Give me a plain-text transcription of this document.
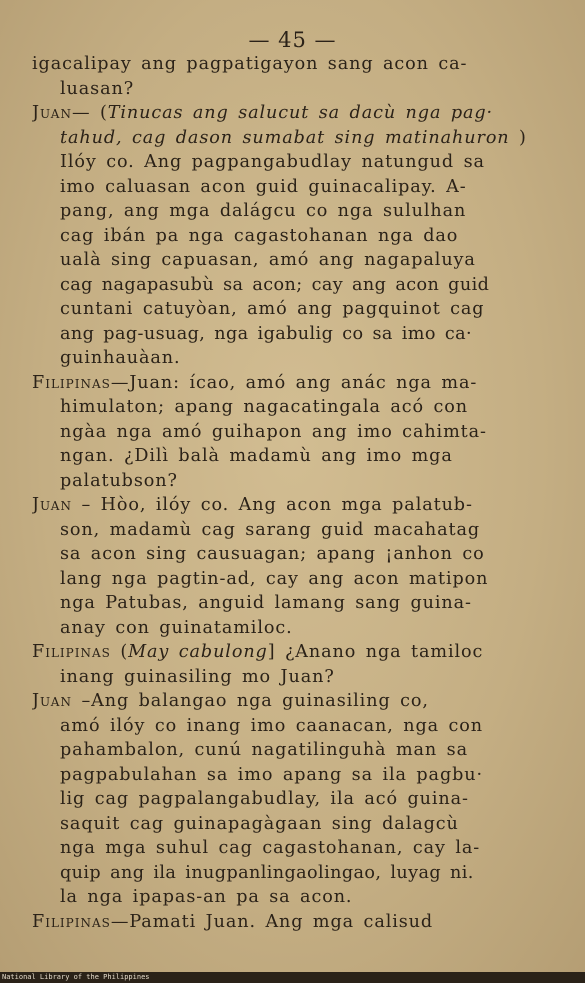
— 45 —
igacalipay ang pagpatigayon sang acon ca-
luasan?
Juan— (Tinucas ang salucut sa dacù nga pag·
tahud, cag dason sumabat sing matinahuron )
Ilóy co. Ang pagpangabudlay natungud sa
imo caluasan acon guid guinacalipay. A-
pang, ang mga dalágcu co nga sululhan
cag ibán pa nga cagastohanan nga dao
ualà sing capuasan, amó ang nagapaluya
cag nagapasubù sa acon; cay ang acon guid
cuntani catuyòan, amó ang pagquinot cag
ang pag-usuag, nga igabulig co sa imo ca·
guinhauàan.
Filipinas—Juan: ícao, amó ang anác nga ma-
himulaton; apang nagacatingala acó con
ngàa nga amó guihapon ang imo cahimta-
ngan. ¿Dilì balà madamù ang imo mga
palatubson?
Juan – Hòo, ilóy co. Ang acon mga palatub-
son, madamù cag sarang guid macahatag
sa acon sing causuagan; apang ¡anhon co
lang nga pagtin-ad, cay ang acon matipon
nga Patubas, anguid lamang sang guina-
anay con guinatamiloc.
Filipinas (May cabulong] ¿Anano nga tamiloc
inang guinasiling mo Juan?
Juan –Ang balangao nga guinasiling co,
amó ilóy co inang imo caanacan, nga con
pahambalon, cunú nagatilinguhà man sa
pagpabulahan sa imo apang sa ila pagbu·
lig cag pagpalangabudlay, ila acó guina-
saquit cag guinapagàgaan sing dalagcù
nga mga suhul cag cagastohanan, cay la-
quip ang ila inugpanlingaolingao, luyag ni.
la nga ipapas-an pa sa acon.
Filipinas—Pamati Juan. Ang mga calisud
National Library of the Philippines
